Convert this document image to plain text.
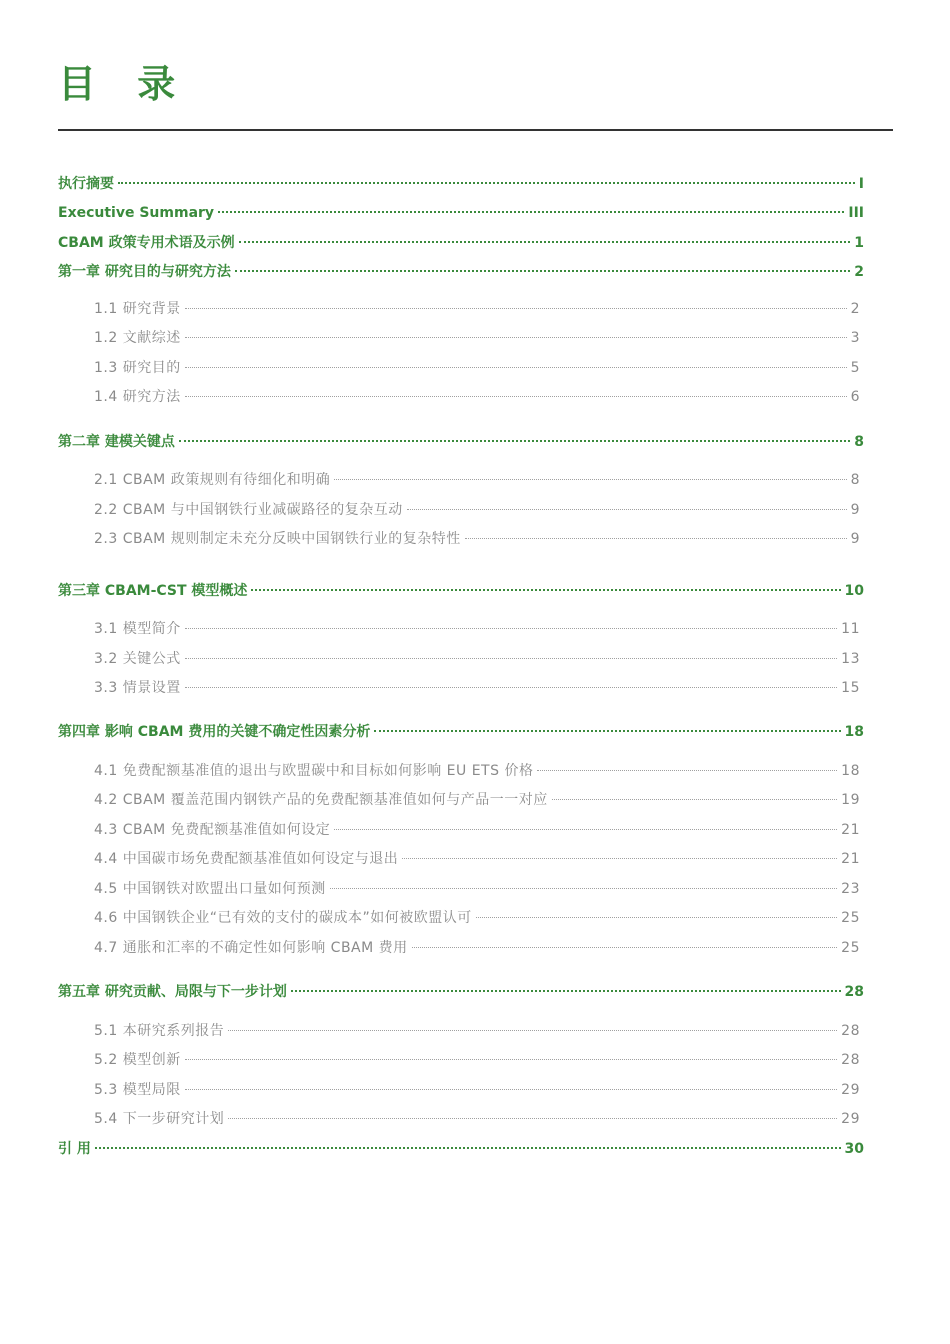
目 录
执行摘要	I
Executive Summary	III
CBAM 政策专用术语及示例	1
第一章 研究目的与研究方法	2
1.1 研究背景	2
1.2 文献综述	3
1.3 研究目的	5
1.4 研究方法	6
第二章 建模关键点	8
2.1 CBAM 政策规则有待细化和明确	8
2.2 CBAM 与中国钢铁行业减碳路径的复杂互动	9
2.3 CBAM 规则制定未充分反映中国钢铁行业的复杂特性	9
第三章 CBAM-CST 模型概述	10
3.1 模型简介	11
3.2 关键公式	13
3.3 情景设置	15
第四章 影响 CBAM 费用的关键不确定性因素分析	18
4.1 免费配额基准值的退出与欧盟碳中和目标如何影响 EU ETS 价格	18
4.2 CBAM 覆盖范围内钢铁产品的免费配额基准值如何与产品一一对应	19
4.3 CBAM 免费配额基准值如何设定	21
4.4 中国碳市场免费配额基准值如何设定与退出	21
4.5 中国钢铁对欧盟出口量如何预测	23
4.6 中国钢铁企业“已有效的支付的碳成本”如何被欧盟认可	25
4.7 通胀和汇率的不确定性如何影响 CBAM 费用	25
第五章 研究贡献、局限与下一步计划	28
5.1 本研究系列报告	28
5.2 模型创新	28
5.3 模型局限	29
5.4 下一步研究计划	29
引 用	30
